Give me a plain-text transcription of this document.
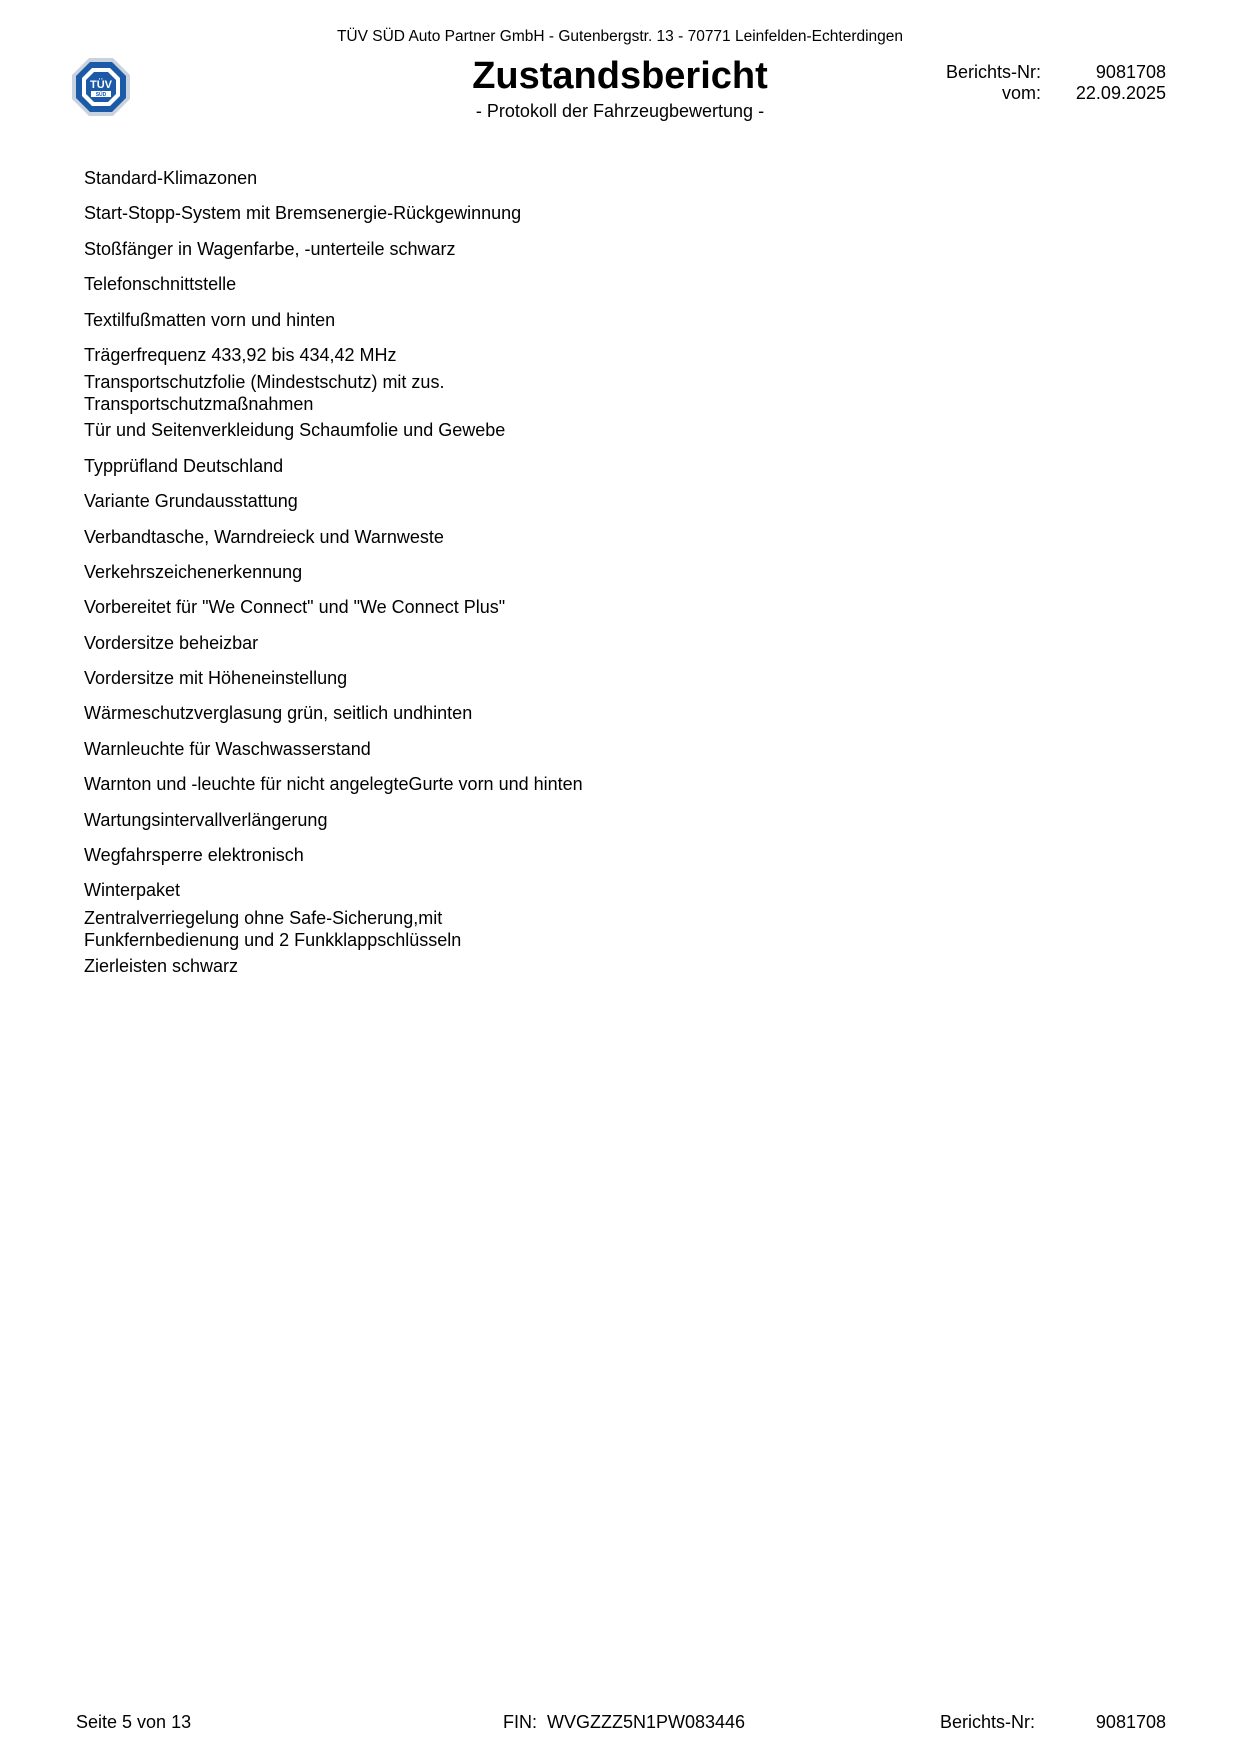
TÜV SÜD Auto Partner GmbH - Gutenbergstr. 13 - 70771 Leinfelden-Echterdingen
TÜV
SÜD	Zustandsbericht
- Protokoll der Fahrzeugbewertung -
Berichts-Nr:	9081708
vom: 22.09.2025
Standard-Klimazonen
Start-Stopp-System mit Bremsenergie-Rückgewinnung
Stoßfänger in Wagenfarbe, -unterteile schwarz
Telefonschnittstelle
Textilfußmatten vorn und hinten
Trägerfrequenz 433,92 bis 434,42 MHz
Transportschutzfolie (Mindestschutz) mit zus.
Transportschutzmaßnahmen
Tür und Seitenverkleidung Schaumfolie und Gewebe
Typprüfland Deutschland
Variante Grundausstattung
Verbandtasche, Warndreieck und Warnweste
Verkehrszeichenerkennung
Vorbereitet für "We Connect" und "We Connect Plus"
Vordersitze beheizbar
Vordersitze mit Höheneinstellung
Wärmeschutzverglasung grün, seitlich undhinten
Warnleuchte für Waschwasserstand
Warnton und -leuchte für nicht angelegteGurte vorn und hinten
Wartungsintervallverlängerung
Wegfahrsperre elektronisch
Winterpaket
Zentralverriegelung ohne Safe-Sicherung,mit
Funkfernbedienung und 2 Funkklappschlüsseln
Zierleisten schwarz
Seite 5 von 13	FIN: WVGZZZ5N1PW083446	Berichts-Nr:	9081708
